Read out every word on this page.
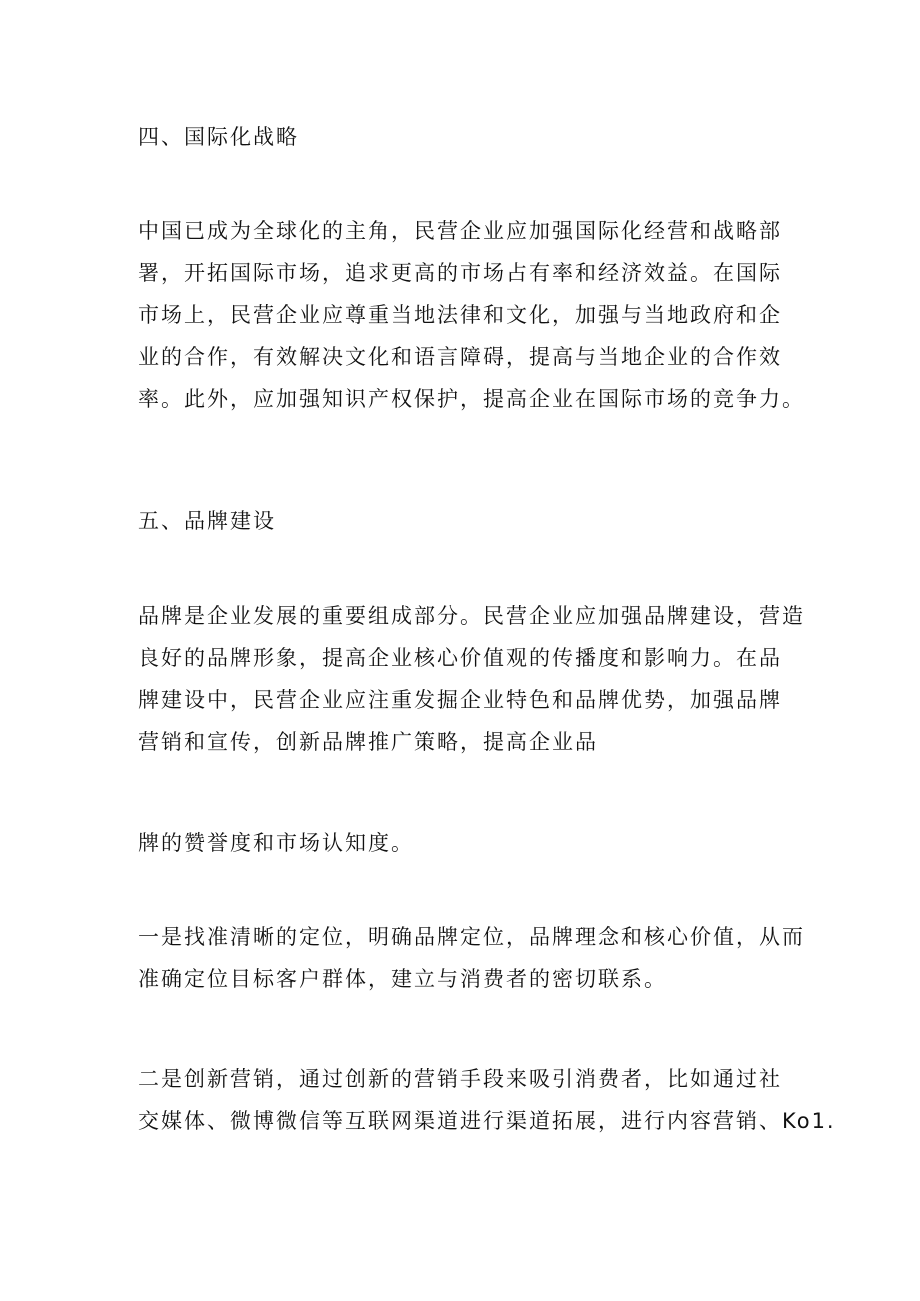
四、国际化战略

中国已成为全球化的主角，民营企业应加强国际化经营和战略部
署，开拓国际市场，追求更高的市场占有率和经济效益。在国际
市场上，民营企业应尊重当地法律和文化，加强与当地政府和企
业的合作，有效解决文化和语言障碍，提高与当地企业的合作效
率。此外，应加强知识产权保护，提高企业在国际市场的竞争力。

五、品牌建设

品牌是企业发展的重要组成部分。民营企业应加强品牌建设，营造
良好的品牌形象，提高企业核心价值观的传播度和影响力。在品
牌建设中，民营企业应注重发掘企业特色和品牌优势，加强品牌
营销和宣传，创新品牌推广策略，提高企业品

牌的赞誉度和市场认知度。

一是找准清晰的定位，明确品牌定位，品牌理念和核心价值，从而
准确定位目标客户群体，建立与消费者的密切联系。

二是创新营销，通过创新的营销手段来吸引消费者，比如通过社
交媒体、微博微信等互联网渠道进行渠道拓展，进行内容营销、Ko1.
